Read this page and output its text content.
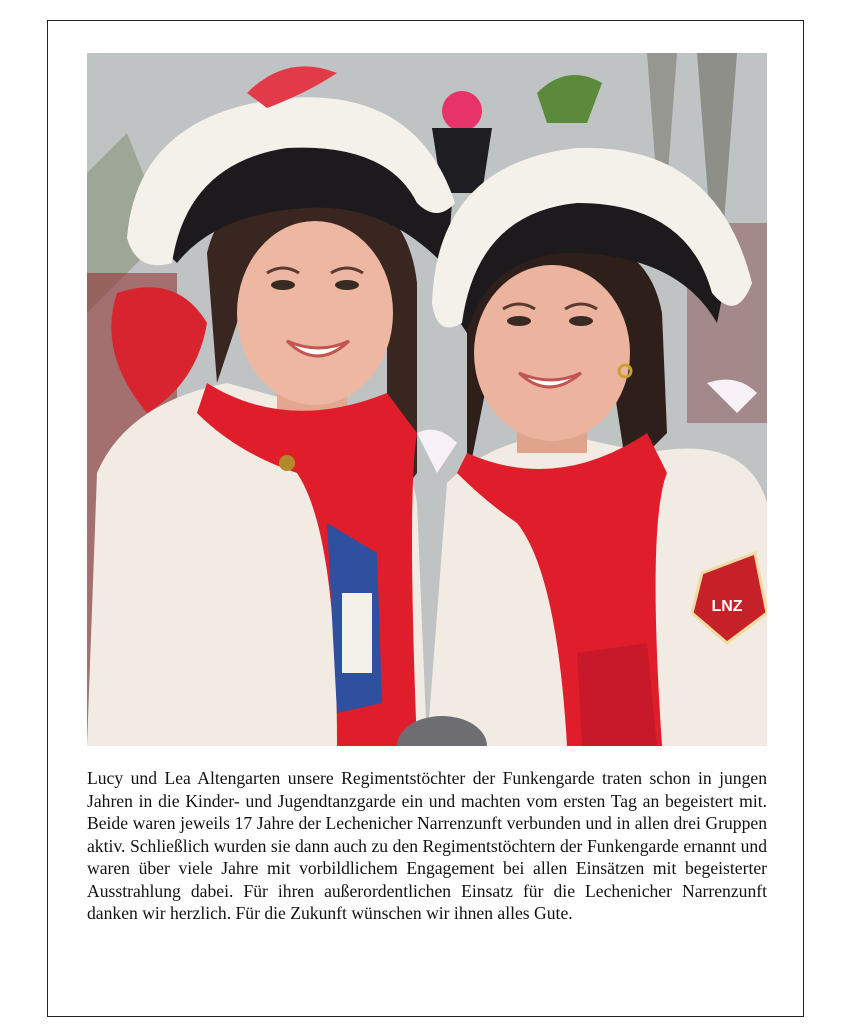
LNZ

Lucy und Lea Altengarten unsere Regimentstöchter der Funkengarde traten schon in jungen Jahren in die Kinder- und Jugendtanzgarde ein und machten vom ersten Tag an begeistert mit. Beide waren jeweils 17 Jahre der Lechenicher Narrenzunft verbunden und in allen drei Gruppen aktiv. Schließlich wurden sie dann auch zu den Regimentstöchtern der Funkengarde ernannt und waren über viele Jahre mit vorbildlichem Engagement bei allen Einsätzen mit begeisterter Ausstrahlung dabei. Für ihren außerordentlichen Einsatz für die Lechenicher Narrenzunft danken wir herzlich. Für die Zukunft wünschen wir ihnen alles Gute.
